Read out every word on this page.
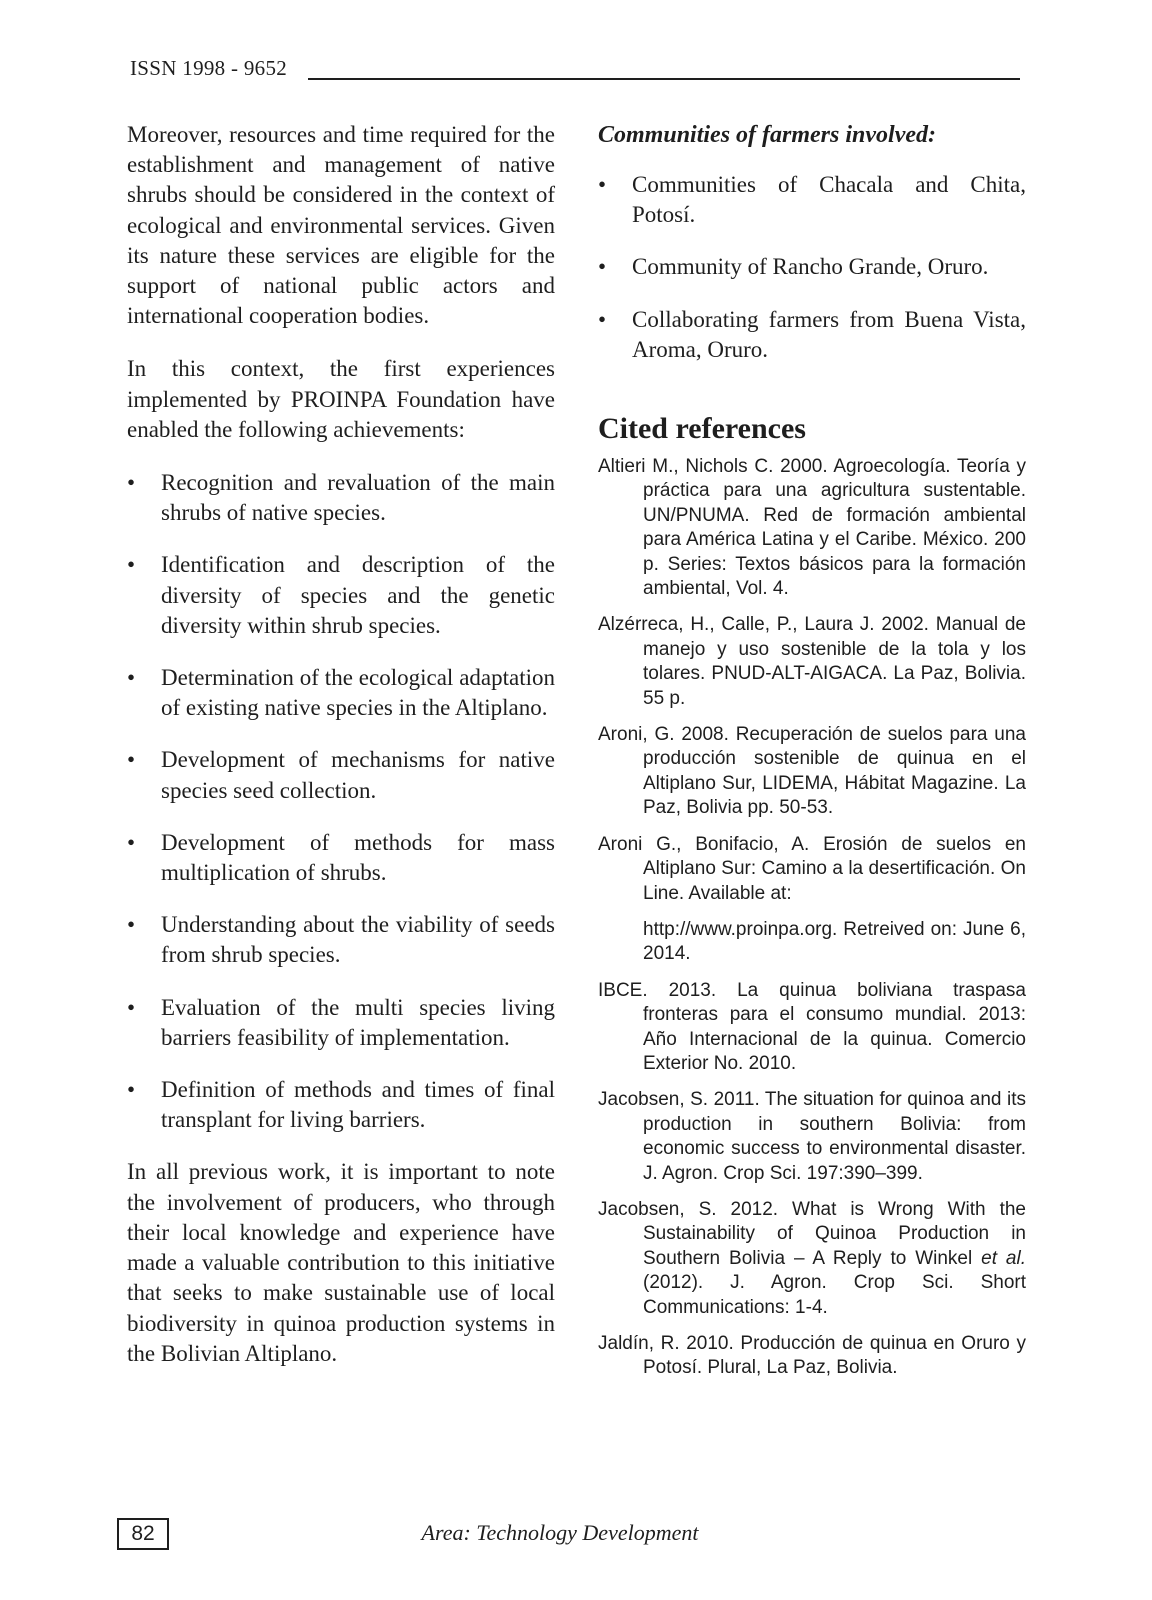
ISSN 1998 - 9652

Moreover, resources and time required for the establishment and management of native shrubs should be considered in the context of ecological and environmental services. Given its nature these services are eligible for the support of national public actors and international cooperation bodies.

In this context, the first experiences implemented by PROINPA Foundation have enabled the following achievements:

• Recognition and revaluation of the main shrubs of native species.
• Identification and description of the diversity of species and the genetic diversity within shrub species.
• Determination of the ecological adaptation of existing native species in the Altiplano.
• Development of mechanisms for native species seed collection.
• Development of methods for mass multiplication of shrubs.
• Understanding about the viability of seeds from shrub species.
• Evaluation of the multi species living barriers feasibility of implementation.
• Definition of methods and times of final transplant for living barriers.

In all previous work, it is important to note the involvement of producers, who through their local knowledge and experience have made a valuable contribution to this initiative that seeks to make sustainable use of local biodiversity in quinoa production systems in the Bolivian Altiplano.

Communities of farmers involved:
• Communities of Chacala and Chita, Potosí.
• Community of Rancho Grande, Oruro.
• Collaborating farmers from Buena Vista, Aroma, Oruro.
Cited references

Altieri M., Nichols C. 2000. Agroecología. Teoría y práctica para una agricultura sustentable. UN/PNUMA. Red de formación ambiental para América Latina y el Caribe. México. 200 p. Series: Textos básicos para la formación ambiental, Vol. 4.

Alzérreca, H., Calle, P., Laura J. 2002. Manual de manejo y uso sostenible de la tola y los tolares. PNUD-ALT-AIGACA. La Paz, Bolivia. 55 p.

Aroni, G. 2008. Recuperación de suelos para una producción sostenible de quinua en el Altiplano Sur, LIDEMA, Hábitat Magazine. La Paz, Bolivia pp. 50-53.

Aroni G., Bonifacio, A. Erosión de suelos en Altiplano Sur: Camino a la desertificación. On Line. Available at:
http://www.proinpa.org. Retreived on: June 6, 2014.

IBCE. 2013. La quinua boliviana traspasa fronteras para el consumo mundial. 2013: Año Internacional de la quinua. Comercio Exterior No. 2010.

Jacobsen, S. 2011. The situation for quinoa and its production in southern Bolivia: from economic success to environmental disaster. J. Agron. Crop Sci. 197:390–399.

Jacobsen, S. 2012. What is Wrong With the Sustainability of Quinoa Production in Southern Bolivia – A Reply to Winkel et al. (2012). J. Agron. Crop Sci. Short Communications: 1-4.

Jaldín, R. 2010. Producción de quinua en Oruro y Potosí. Plural, La Paz, Bolivia.

82	Area: Technology Development
